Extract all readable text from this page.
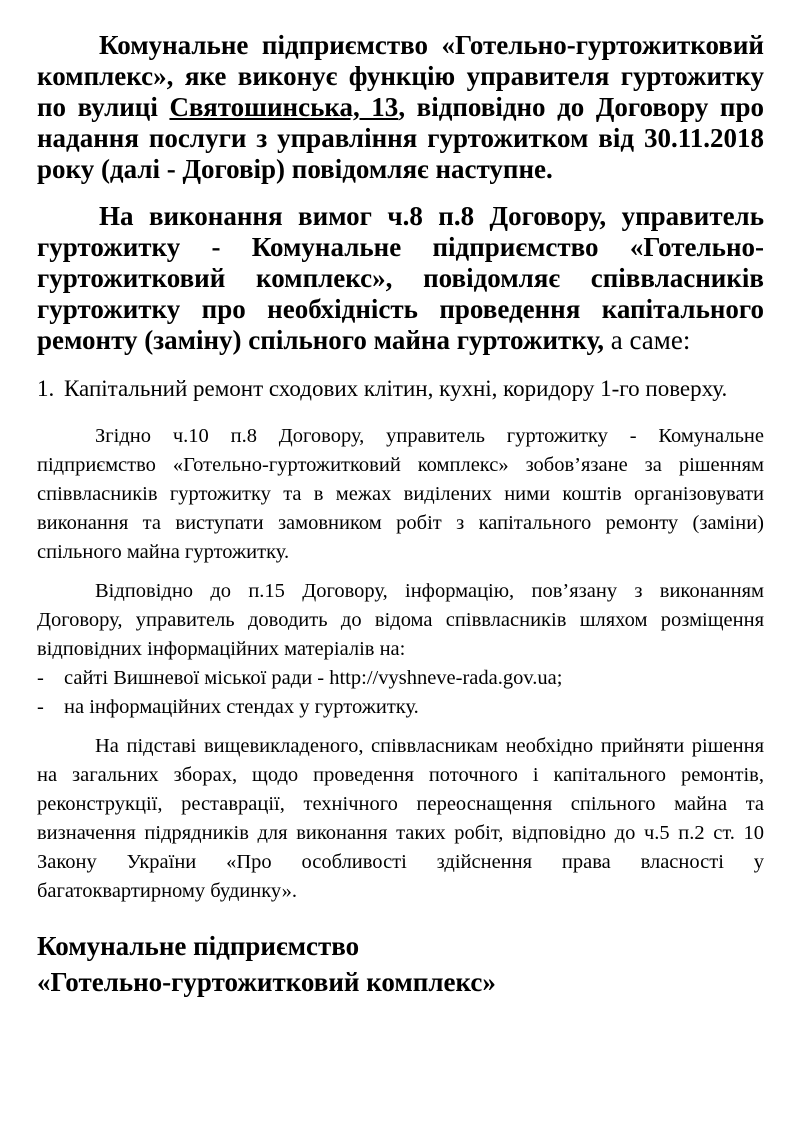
Комунальне підприємство «Готельно-гуртожитковий комплекс», яке виконує функцію управителя гуртожитку по вулиці Святошинська, 13, відповідно до Договору про надання послуги з управління гуртожитком від 30.11.2018 року (далі - Договір) повідомляє наступне.

На виконання вимог ч.8 п.8 Договору, управитель гуртожитку - Комунальне підприємство «Готельно-гуртожитковий комплекс», повідомляє співвласників гуртожитку про необхідність проведення капітального ремонту (заміну) спільного майна гуртожитку, а саме:

1. Капітальний ремонт сходових клітин, кухні, коридору 1-го поверху.

Згідно ч.10 п.8 Договору, управитель гуртожитку - Комунальне підприємство «Готельно-гуртожитковий комплекс» зобов’язане за рішенням співвласників гуртожитку та в межах виділених ними коштів організовувати виконання та виступати замовником робіт з капітального ремонту (заміни) спільного майна гуртожитку.

Відповідно до п.15 Договору, інформацію, пов’язану з виконанням Договору, управитель доводить до відома співвласників шляхом розміщення відповідних інформаційних матеріалів на:

- сайті Вишневої міської ради - http://vyshneve-rada.gov.ua;
- на інформаційних стендах у гуртожитку.

На підставі вищевикладеного, співвласникам необхідно прийняти рішення на загальних зборах, щодо проведення поточного і капітального ремонтів, реконструкції, реставрації, технічного переоснащення спільного майна та визначення підрядників для виконання таких робіт, відповідно до ч.5 п.2 ст. 10 Закону України «Про особливості здійснення права власності у багатоквартирному будинку».

Комунальне підприємство
«Готельно-гуртожитковий комплекс»
